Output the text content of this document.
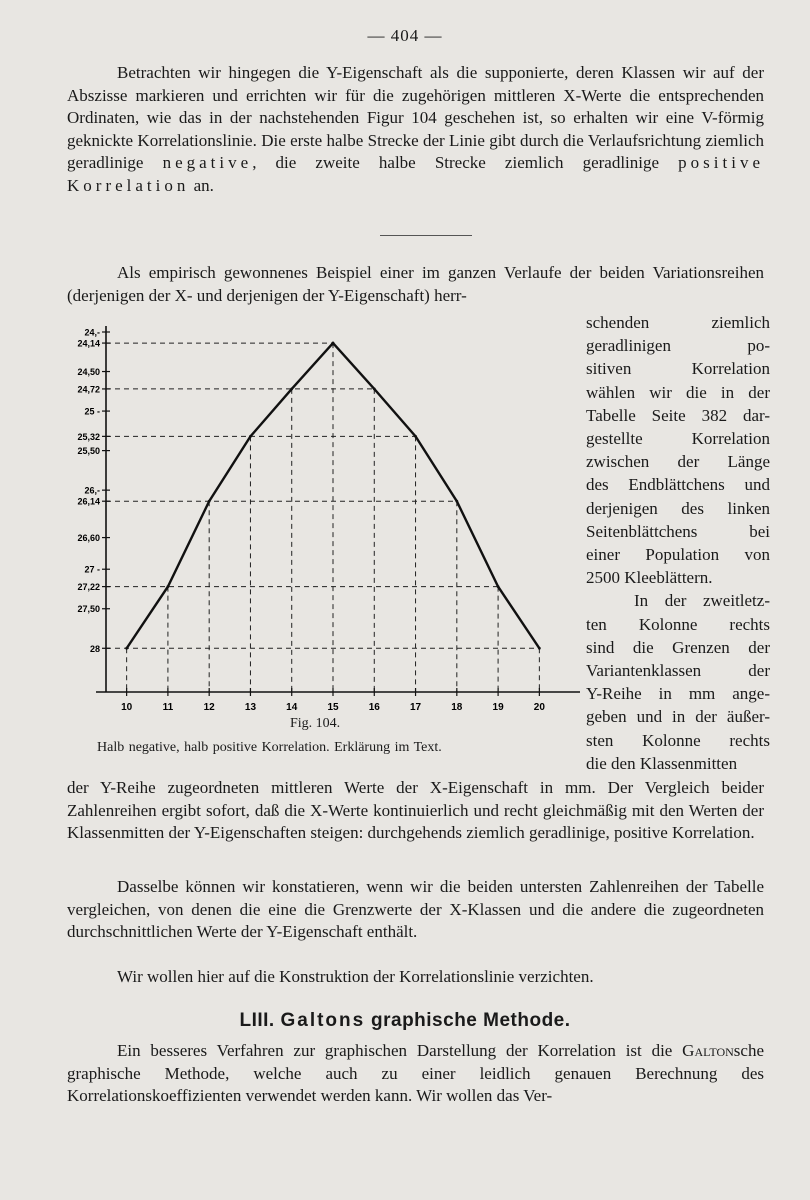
— 404 —
Betrachten wir hingegen die Y-Eigenschaft als die supponierte, deren Klassen wir auf der Abszisse markieren und errichten wir für die zugehörigen mittleren X-Werte die entsprechenden Ordinaten, wie das in der nachstehenden Figur 104 geschehen ist, so erhalten wir eine V-förmig geknickte Korrelationslinie. Die erste halbe Strecke der Linie gibt durch die Verlaufsrichtung ziemlich geradlinige negative, die zweite halbe Strecke ziemlich geradlinige positive Korrelation an.
Als empirisch gewonnenes Beispiel einer im ganzen Verlaufe der beiden Variationsreihen (derjenigen der X- und derjenigen der Y-Eigenschaft) herr-
schenden ziemlich
geradlinigen po-
sitiven Korrelation
wählen wir die in der
Tabelle Seite 382 dar-
gestellte Korrelation
zwischen der Länge
des Endblättchens und
derjenigen des linken
Seitenblättchens bei
einer Population von
2500 Kleeblättern.
In der zweitletz-
ten Kolonne rechts
sind die Grenzen der
Variantenklassen der
Y-Reihe in mm ange-
geben und in der äußer-
sten Kolonne rechts
die den Klassenmitten
24,-
24,14
24,50
24,72
25 -
25,32
25,50
26,-
26,14
26,60
27 -
27,22
27,50
28
10	11	12	13	14	15	16	17	18	19	20
Fig. 104.
Halb negative, halb positive Korrelation. Erklärung im Text.
der Y-Reihe zugeordneten mittleren Werte der X-Eigenschaft in mm. Der Vergleich beider Zahlenreihen ergibt sofort, daß die X-Werte kontinuierlich und recht gleichmäßig mit den Werten der Klassenmitten der Y-Eigenschaften steigen: durchgehends ziemlich geradlinige, positive Korrelation.
Dasselbe können wir konstatieren, wenn wir die beiden untersten Zahlenreihen der Tabelle vergleichen, von denen die eine die Grenzwerte der X-Klassen und die andere die zugeordneten durchschnittlichen Werte der Y-Eigenschaft enthält.
Wir wollen hier auf die Konstruktion der Korrelationslinie verzichten.
LIII. Galtons graphische Methode.
Ein besseres Verfahren zur graphischen Darstellung der Korrelation ist die Galtonsche graphische Methode, welche auch zu einer leidlich genauen Berechnung des Korrelationskoeffizienten verwendet werden kann. Wir wollen das Ver-
